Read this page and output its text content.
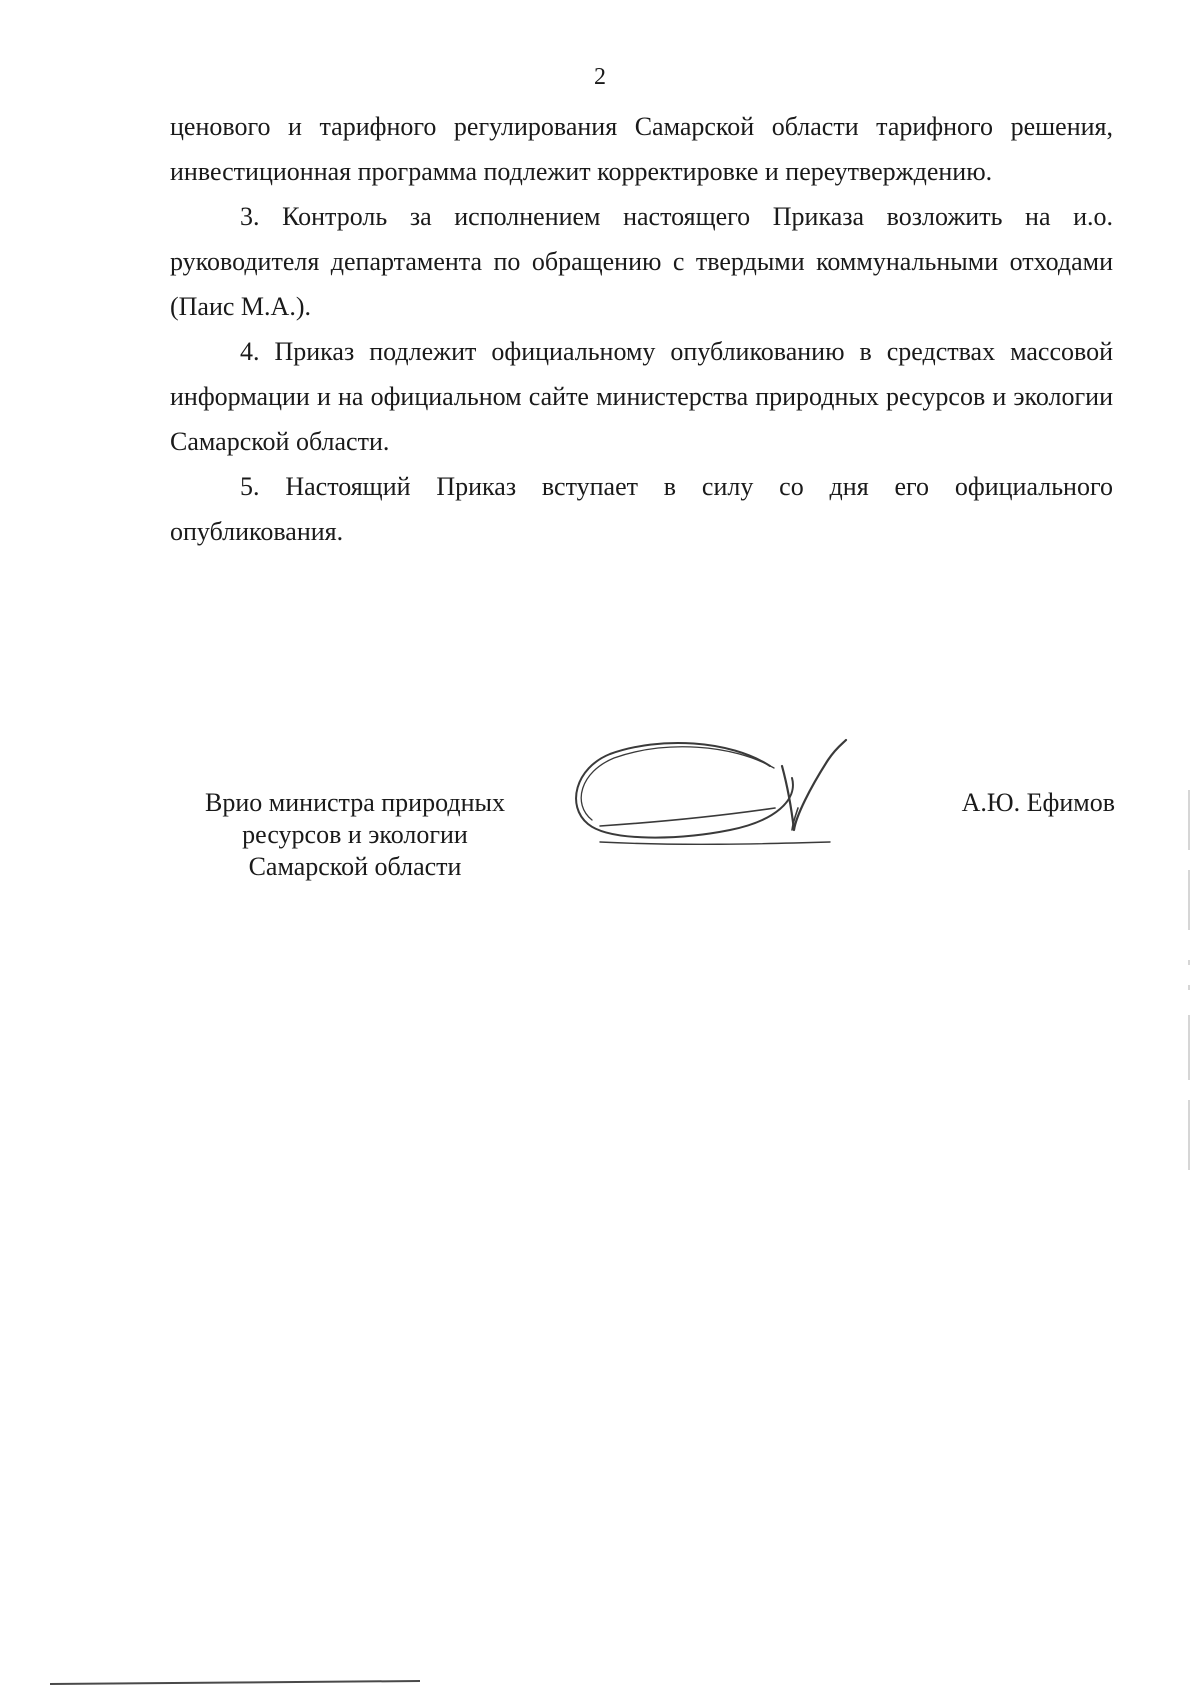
2

ценового и тарифного регулирования Самарской области тарифного решения, инвестиционная программа подлежит корректировке и переутверждению.

3. Контроль за исполнением настоящего Приказа возложить на и.о. руководителя департамента по обращению с твердыми коммунальными отходами (Паис М.А.).

4. Приказ подлежит официальному опубликованию в средствах массовой информации и на официальном сайте министерства природных ресурсов и экологии Самарской области.

5. Настоящий Приказ вступает в силу со дня его официального опубликования.

Врио министра природных
ресурсов и экологии
Самарской области
А.Ю. Ефимов
